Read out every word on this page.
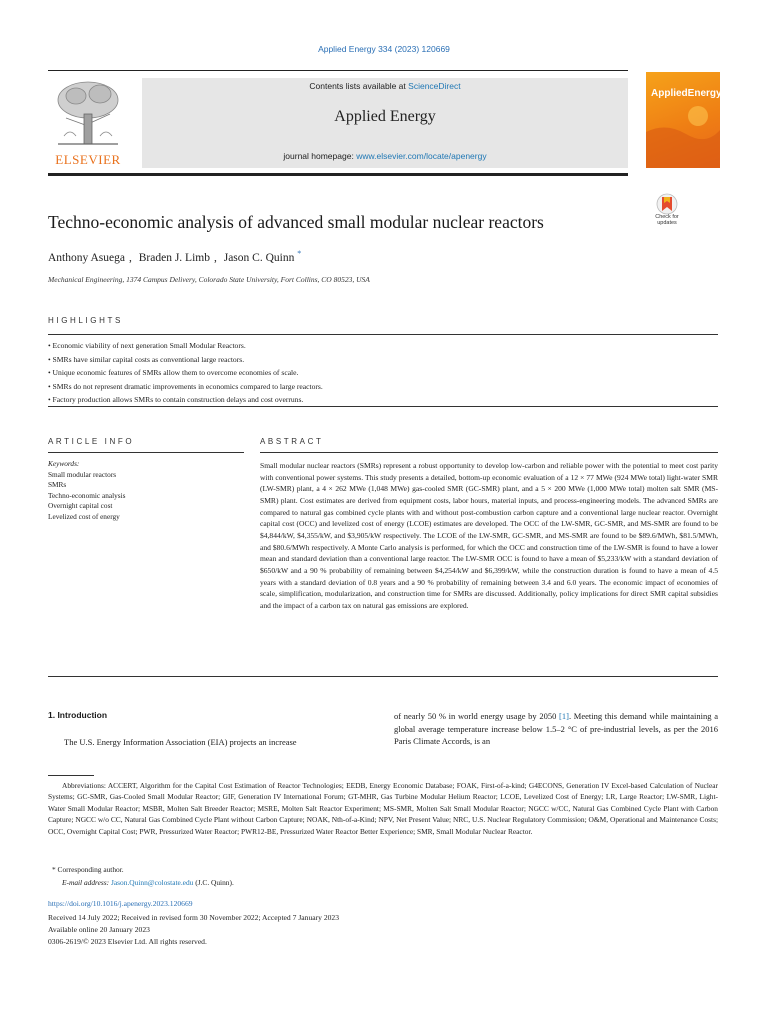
Applied Energy 334 (2023) 120669
ELSEVIER
Contents lists available at ScienceDirect
Applied Energy
journal homepage: www.elsevier.com/locate/apenergy
AppliedEnergy
Techno-economic analysis of advanced small modular nuclear reactors	Check for updates
Anthony Asuega , Braden J. Limb , Jason C. Quinn *
Mechanical Engineering, 1374 Campus Delivery, Colorado State University, Fort Collins, CO 80523, USA
HIGHLIGHTS
• Economic viability of next generation Small Modular Reactors.
• SMRs have similar capital costs as conventional large reactors.
• Unique economic features of SMRs allow them to overcome economies of scale.
• SMRs do not represent dramatic improvements in economics compared to large reactors.
• Factory production allows SMRs to contain construction delays and cost overruns.
ARTICLE INFO	ABSTRACT
Keywords:
Small modular reactors
SMRs
Techno-economic analysis
Overnight capital cost
Levelized cost of energy
Small modular nuclear reactors (SMRs) represent a robust opportunity to develop low-carbon and reliable power with the potential to meet cost parity with conventional power systems. This study presents a detailed, bottom-up economic evaluation of a 12 × 77 MWe (924 MWe total) light-water SMR (LW-SMR) plant, a 4 × 262 MWe (1,048 MWe) gas-cooled SMR (GC-SMR) plant, and a 5 × 200 MWe (1,000 MWe total) molten salt SMR (MS-SMR) plant. Cost estimates are derived from equipment costs, labor hours, material inputs, and process-engineering models. The advanced SMRs are compared to natural gas combined cycle plants with and without post-combustion carbon capture and a conventional large nuclear reactor. Overnight capital cost (OCC) and levelized cost of energy (LCOE) estimates are developed. The OCC of the LW-SMR, GC-SMR, and MS-SMR are found to be $4,844/kW, $4,355/kW, and $3,905/kW respectively. The LCOE of the LW-SMR, GC-SMR, and MS-SMR are found to be $89.6/MWh, $81.5/MWh, and $80.6/MWh respectively. A Monte Carlo analysis is performed, for which the OCC and construction time of the LW-SMR is found to have a lower mean and standard deviation than a conventional large reactor. The LW-SMR OCC is found to have a mean of $5,233/kW with a standard deviation of $650/kW and a 90 % probability of remaining between $4,254/kW and $6,399/kW, while the construction duration is found to have a mean of 4.5 years with a standard deviation of 0.8 years and a 90 % probability of remaining between 3.4 and 6.0 years. The economic impact of economies of scale, simplification, modularization, and construction time for SMRs are discussed. Additionally, policy implications for direct SMR capital subsidies and the impact of a carbon tax on natural gas emissions are explored.
1. Introduction
The U.S. Energy Information Association (EIA) projects an increase
of nearly 50 % in world energy usage by 2050 [1]. Meeting this demand while maintaining a global average temperature increase below 1.5–2 °C of pre-industrial levels, as per the 2016 Paris Climate Accords, is an
Abbreviations: ACCERT, Algorithm for the Capital Cost Estimation of Reactor Technologies; EEDB, Energy Economic Database; FOAK, First-of-a-kind; G4ECONS, Generation IV Excel-based Calculation of Nuclear Systems; GC-SMR, Gas-Cooled Small Modular Reactor; GIF, Generation IV International Forum; GT-MHR, Gas Turbine Modular Helium Reactor; LCOE, Levelized Cost of Energy; LR, Large Reactor; LW-SMR, Light-Water Small Modular Reactor; MSBR, Molten Salt Breeder Reactor; MSRE, Molten Salt Reactor Experiment; MS-SMR, Molten Salt Small Modular Reactor; NGCC w/CC, Natural Gas Combined Cycle Plant with Carbon Capture; NGCC w/o CC, Natural Gas Combined Cycle Plant without Carbon Capture; NOAK, Nth-of-a-Kind; NPV, Net Present Value; NRC, U.S. Nuclear Regulatory Commission; O&M, Operational and Maintenance Costs; OCC, Overnight Capital Cost; PWR, Pressurized Water Reactor; PWR12-BE, Pressurized Water Reactor Better Experience; SMR, Small Modular Nuclear Reactor.
* Corresponding author.
E-mail address: Jason.Quinn@colostate.edu (J.C. Quinn).
https://doi.org/10.1016/j.apenergy.2023.120669
Received 14 July 2022; Received in revised form 30 November 2022; Accepted 7 January 2023
Available online 20 January 2023
0306-2619/© 2023 Elsevier Ltd. All rights reserved.
